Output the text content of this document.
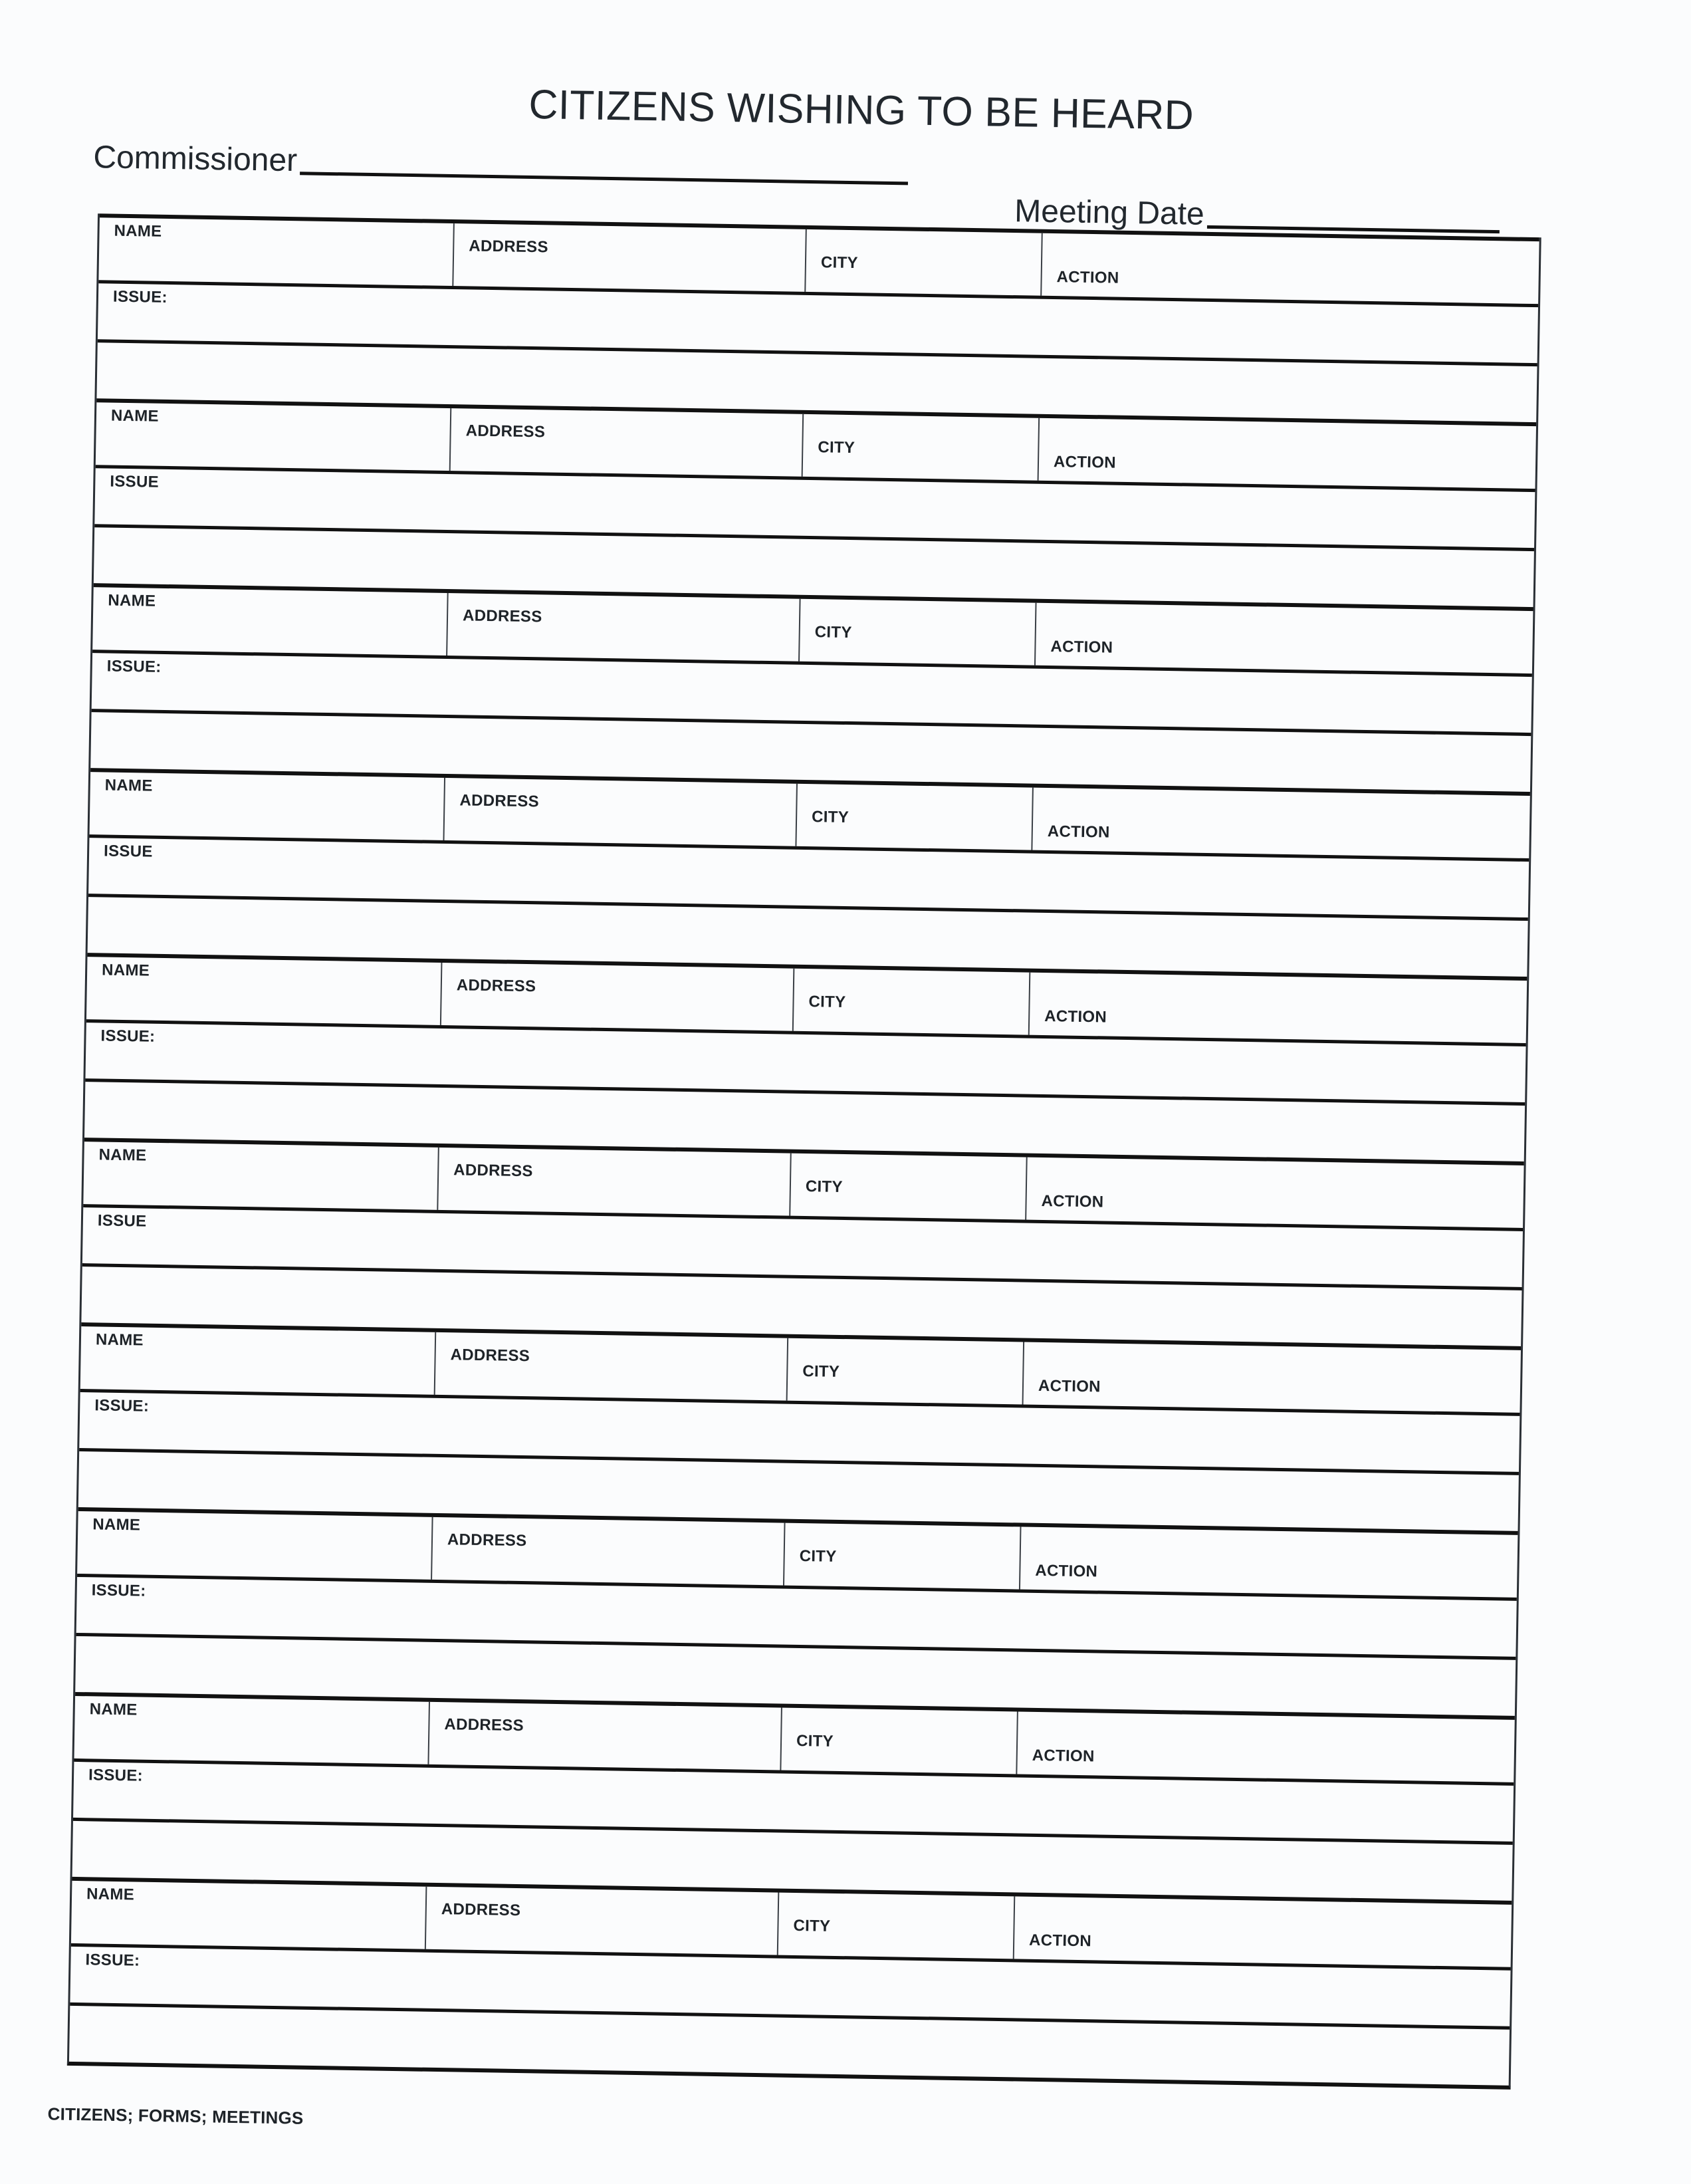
CITIZENS WISHING TO BE HEARD
Commissioner
Meeting Date
NAME
ADDRESS
CITY
ACTION
ISSUE:
NAME
ADDRESS
CITY
ACTION
ISSUE
NAME
ADDRESS
CITY
ACTION
ISSUE:
NAME
ADDRESS
CITY
ACTION
ISSUE
NAME
ADDRESS
CITY
ACTION
ISSUE:
NAME
ADDRESS
CITY
ACTION
ISSUE
NAME
ADDRESS
CITY
ACTION
ISSUE:
NAME
ADDRESS
CITY
ACTION
ISSUE:
NAME
ADDRESS
CITY
ACTION
ISSUE:
NAME
ADDRESS
CITY
ACTION
ISSUE:
CITIZENS; FORMS; MEETINGS
